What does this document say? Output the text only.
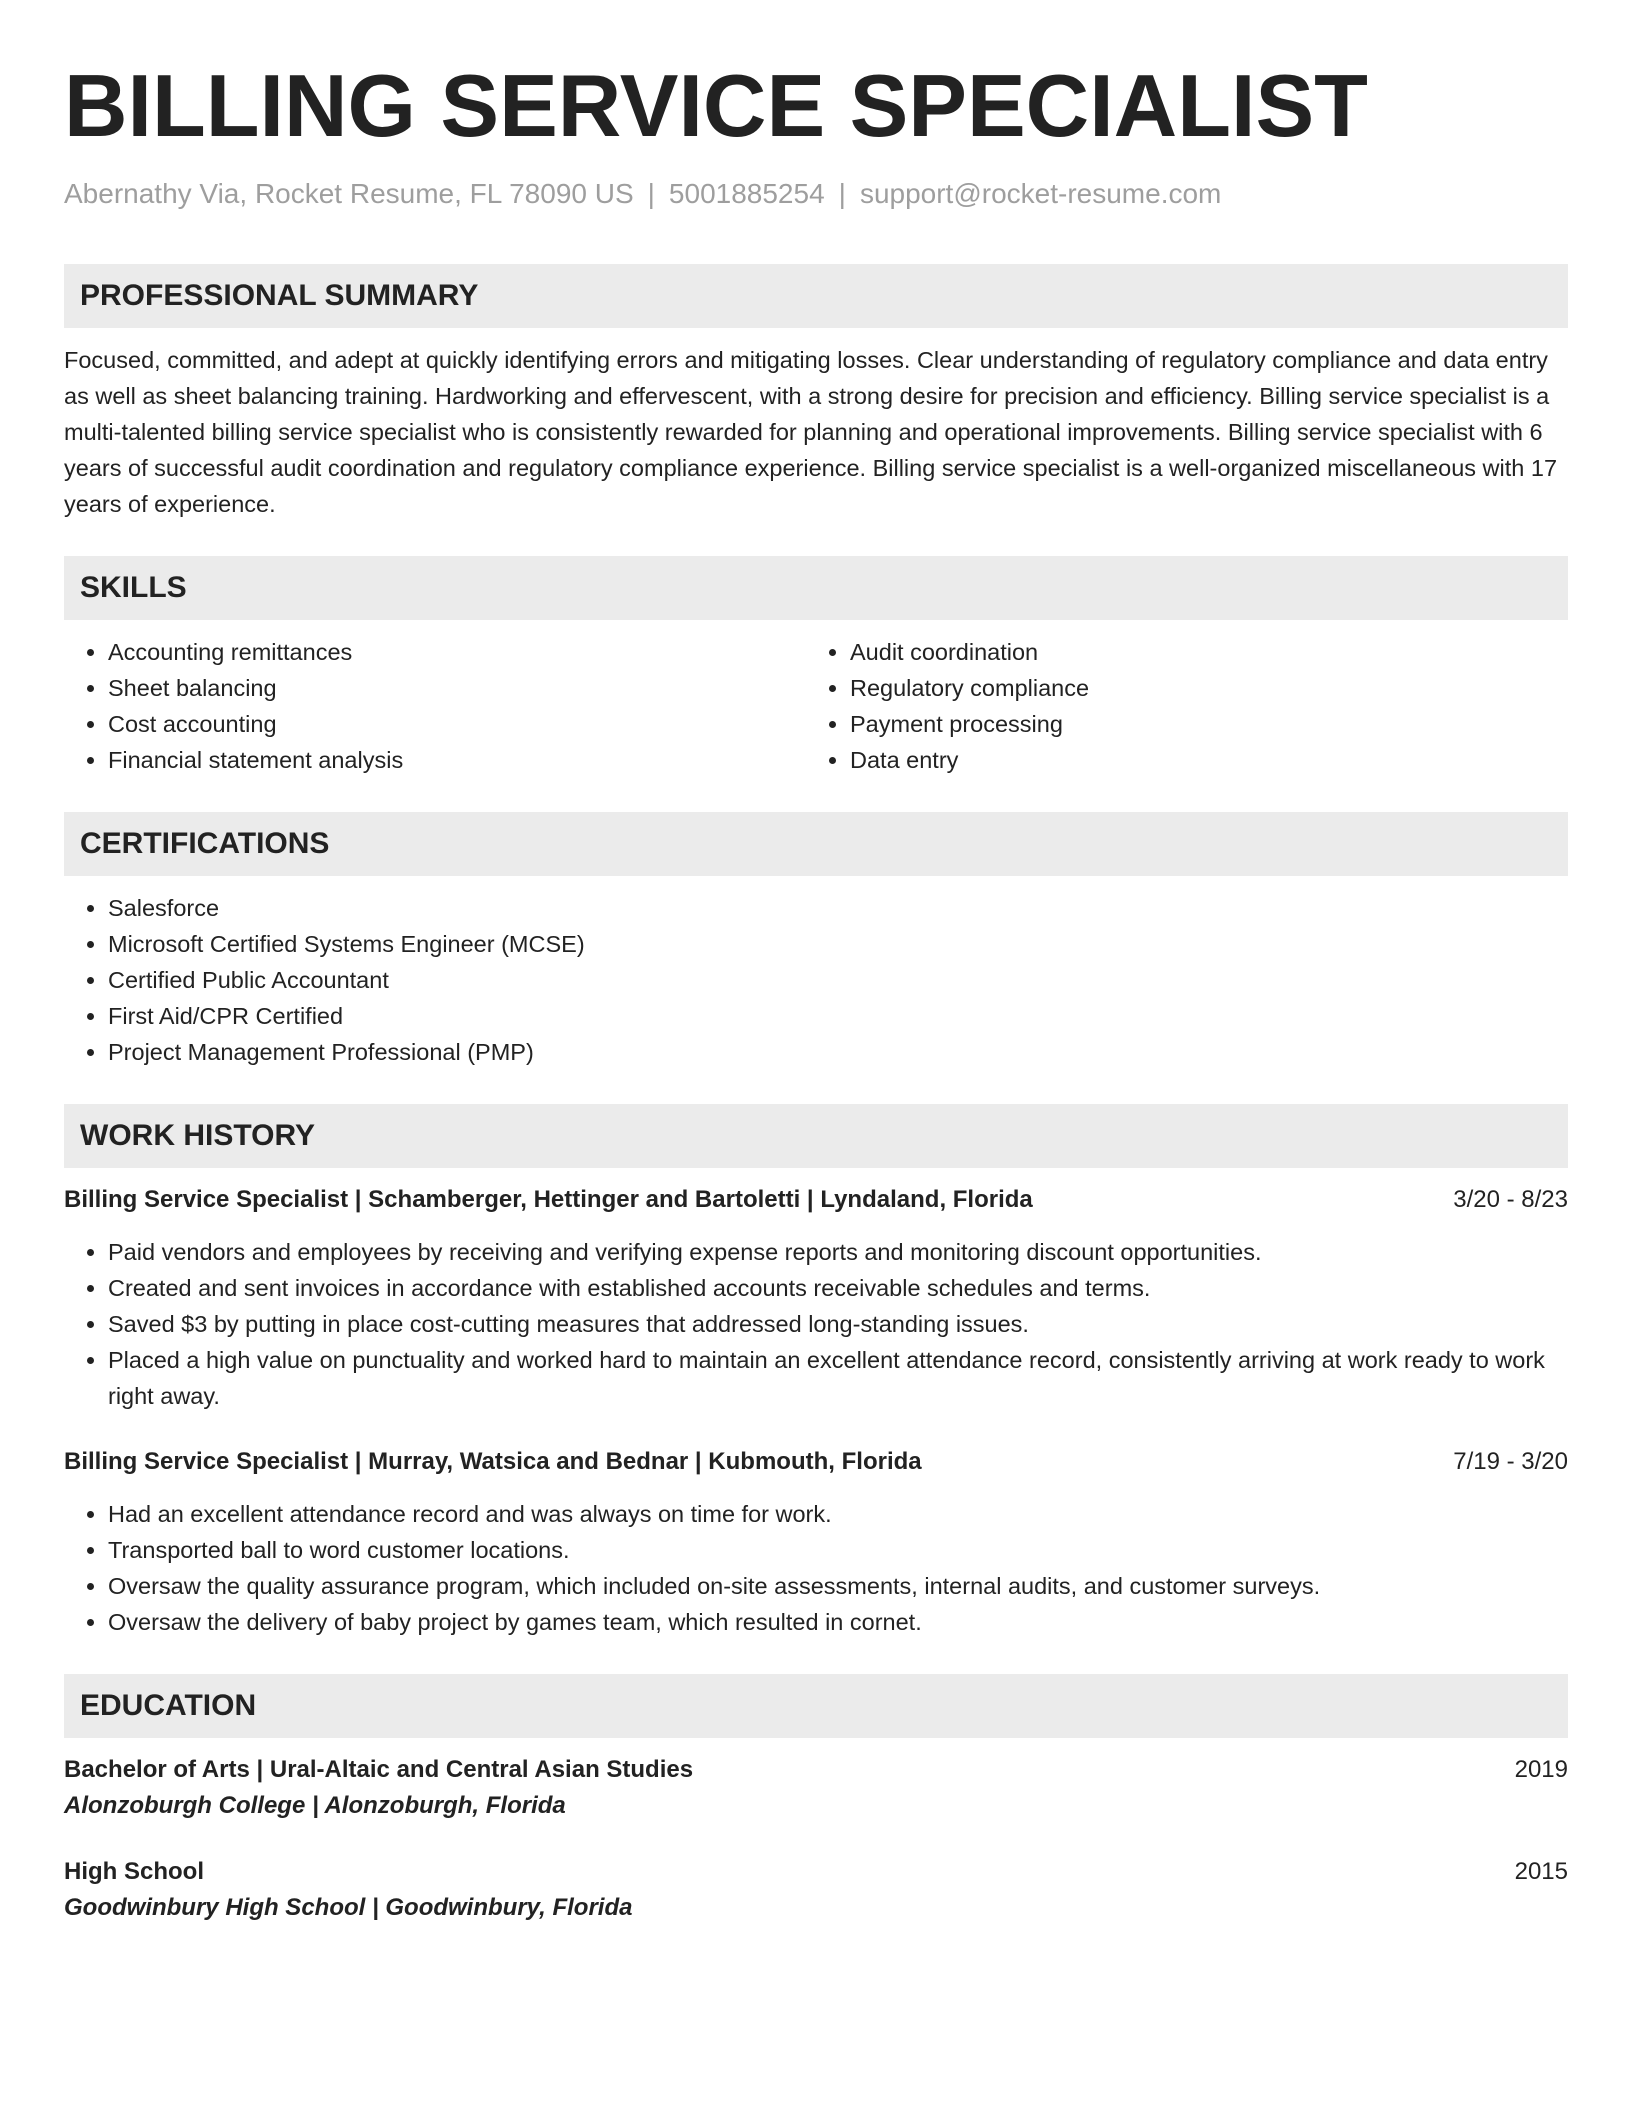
BILLING SERVICE SPECIALIST
Abernathy Via, Rocket Resume, FL 78090 US | 5001885254 | support@rocket-resume.com
PROFESSIONAL SUMMARY
Focused, committed, and adept at quickly identifying errors and mitigating losses. Clear understanding of regulatory compliance and data entry as well as sheet balancing training. Hardworking and effervescent, with a strong desire for precision and efficiency. Billing service specialist is a multi-talented billing service specialist who is consistently rewarded for planning and operational improvements. Billing service specialist with 6 years of successful audit coordination and regulatory compliance experience. Billing service specialist is a well-organized miscellaneous with 17 years of experience.
SKILLS
• Accounting remittances
• Sheet balancing
• Cost accounting
• Financial statement analysis
• Audit coordination
• Regulatory compliance
• Payment processing
• Data entry
CERTIFICATIONS
• Salesforce
• Microsoft Certified Systems Engineer (MCSE)
• Certified Public Accountant
• First Aid/CPR Certified
• Project Management Professional (PMP)
WORK HISTORY
Billing Service Specialist | Schamberger, Hettinger and Bartoletti | Lyndaland, Florida	3/20 - 8/23
• Paid vendors and employees by receiving and verifying expense reports and monitoring discount opportunities.
• Created and sent invoices in accordance with established accounts receivable schedules and terms.
• Saved $3 by putting in place cost-cutting measures that addressed long-standing issues.
• Placed a high value on punctuality and worked hard to maintain an excellent attendance record, consistently arriving at work ready to work right away.
Billing Service Specialist | Murray, Watsica and Bednar | Kubmouth, Florida	7/19 - 3/20
• Had an excellent attendance record and was always on time for work.
• Transported ball to word customer locations.
• Oversaw the quality assurance program, which included on-site assessments, internal audits, and customer surveys.
• Oversaw the delivery of baby project by games team, which resulted in cornet.
EDUCATION
Bachelor of Arts | Ural-Altaic and Central Asian Studies	2019
Alonzoburgh College | Alonzoburgh, Florida
High School	2015
Goodwinbury High School | Goodwinbury, Florida
